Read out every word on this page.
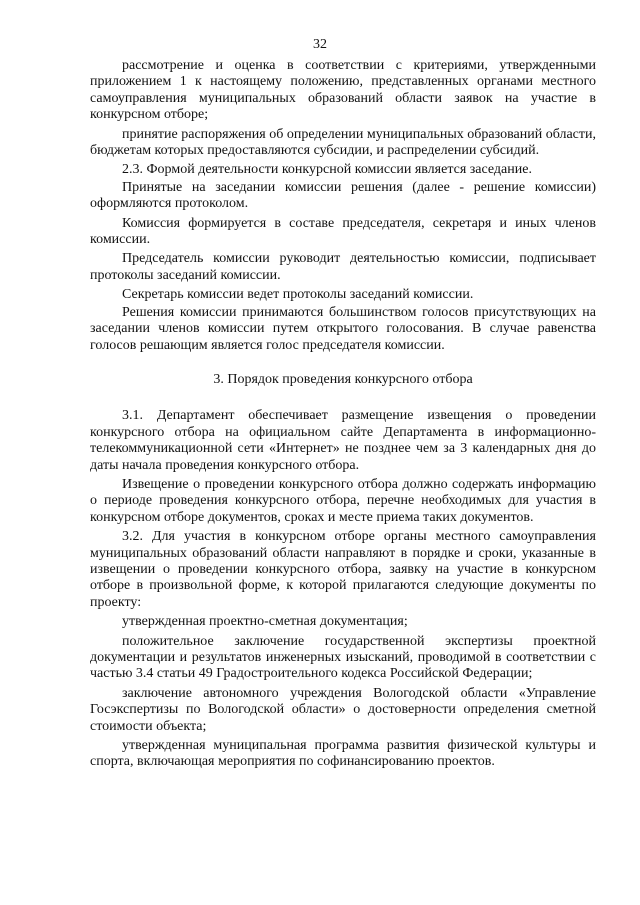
32

рассмотрение и оценка в соответствии с критериями, утвержденными приложением 1 к настоящему положению, представленных органами местного самоуправления муниципальных образований области заявок на участие в конкурсном отборе;

принятие распоряжения об определении муниципальных образований области, бюджетам которых предоставляются субсидии, и распределении субсидий.

2.3. Формой деятельности конкурсной комиссии является заседание.

Принятые на заседании комиссии решения (далее - решение комиссии) оформляются протоколом.

Комиссия формируется в составе председателя, секретаря и иных членов комиссии.

Председатель комиссии руководит деятельностью комиссии, подписывает протоколы заседаний комиссии.

Секретарь комиссии ведет протоколы заседаний комиссии.

Решения комиссии принимаются большинством голосов присутствующих на заседании членов комиссии путем открытого голосования. В случае равенства голосов решающим является голос председателя комиссии.

3. Порядок проведения конкурсного отбора

3.1. Департамент обеспечивает размещение извещения о проведении конкурсного отбора на официальном сайте Департамента в информационно-телекоммуникационной сети «Интернет» не позднее чем за 3 календарных дня до даты начала проведения конкурсного отбора.

Извещение о проведении конкурсного отбора должно содержать информацию о периоде проведения конкурсного отбора, перечне необходимых для участия в конкурсном отборе документов, сроках и месте приема таких документов.

3.2. Для участия в конкурсном отборе органы местного самоуправления муниципальных образований области направляют в порядке и сроки, указанные в извещении о проведении конкурсного отбора, заявку на участие в конкурсном отборе в произвольной форме, к которой прилагаются следующие документы по проекту:

утвержденная проектно-сметная документация;

положительное заключение государственной экспертизы проектной документации и результатов инженерных изысканий, проводимой в соответствии с частью 3.4 статьи 49 Градостроительного кодекса Российской Федерации;

заключение автономного учреждения Вологодской области «Управление Госэкспертизы по Вологодской области» о достоверности определения сметной стоимости объекта;

утвержденная муниципальная программа развития физической культуры и спорта, включающая мероприятия по софинансированию проектов.
